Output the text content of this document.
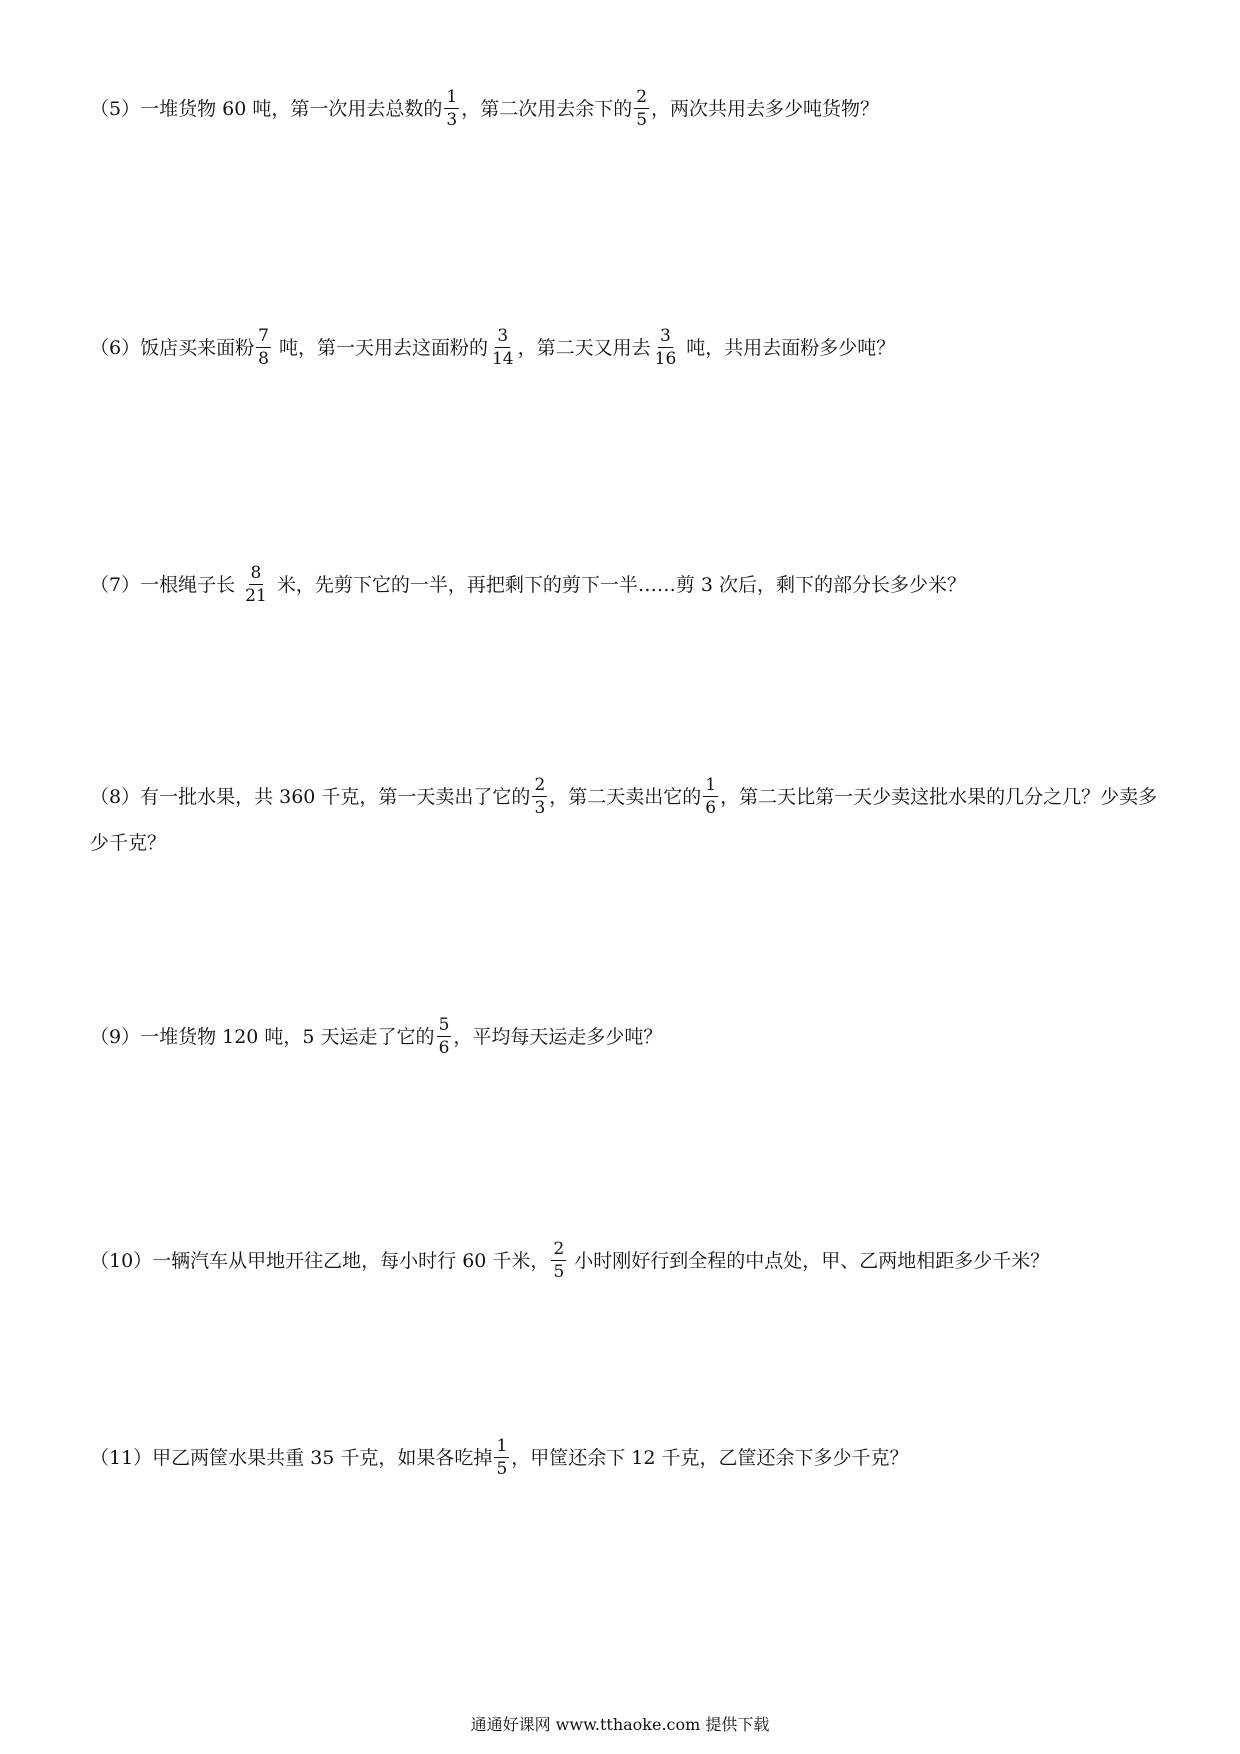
（5）一堆货物 60 吨，第一次用去总数的 $\frac{1}{3}$ ，第二次用去余下的 $\frac{2}{5}$ ，两次共用去多少吨货物？
（6）饭店买来面粉 $\frac{7}{8}$ 吨，第一天用去这面粉的 $\frac{3}{14}$ ，第二天又用去 $\frac{3}{16}$ 吨，共用去面粉多少吨？
（7）一根绳子长 $\frac{8}{21}$ 米，先剪下它的一半，再把剩下的剪下一半……剪 3 次后，剩下的部分长多少米？
（8）有一批水果，共 360 千克，第一天卖出了它的 $\frac{2}{3}$ ，第二天卖出它的 $\frac{1}{6}$ ，第二天比第一天少卖这批水果的几分之几？少卖多少千克？
（9）一堆货物 120 吨，5 天运走了它的 $\frac{5}{6}$ ，平均每天运走多少吨？
（10）一辆汽车从甲地开往乙地，每小时行 60 千米， $\frac{2}{5}$ 小时刚好行到全程的中点处，甲、乙两地相距多少千米？
（11）甲乙两筐水果共重 35 千克，如果各吃掉 $\frac{1}{5}$ ，甲筐还余下 12 千克，乙筐还余下多少千克？
通通好课网 www.tthaoke.com 提供下载
